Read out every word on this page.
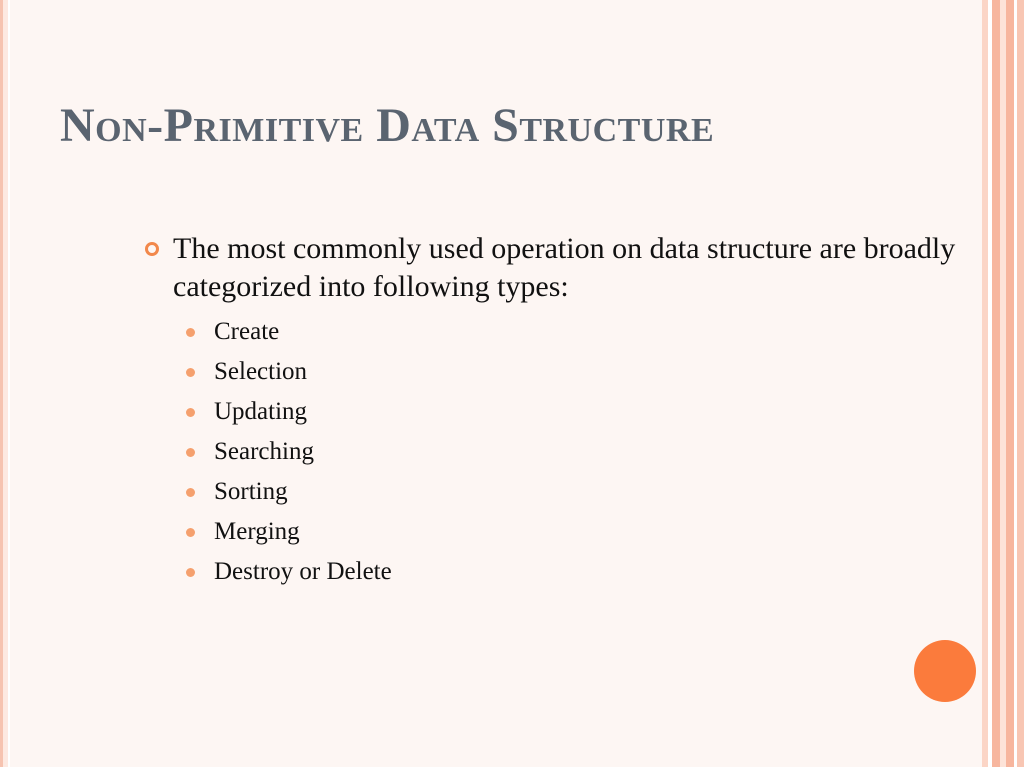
Non-Primitive Data Structure
The most commonly used operation on data structure are broadly categorized into following types:
Create
Selection
Updating
Searching
Sorting
Merging
Destroy or Delete
